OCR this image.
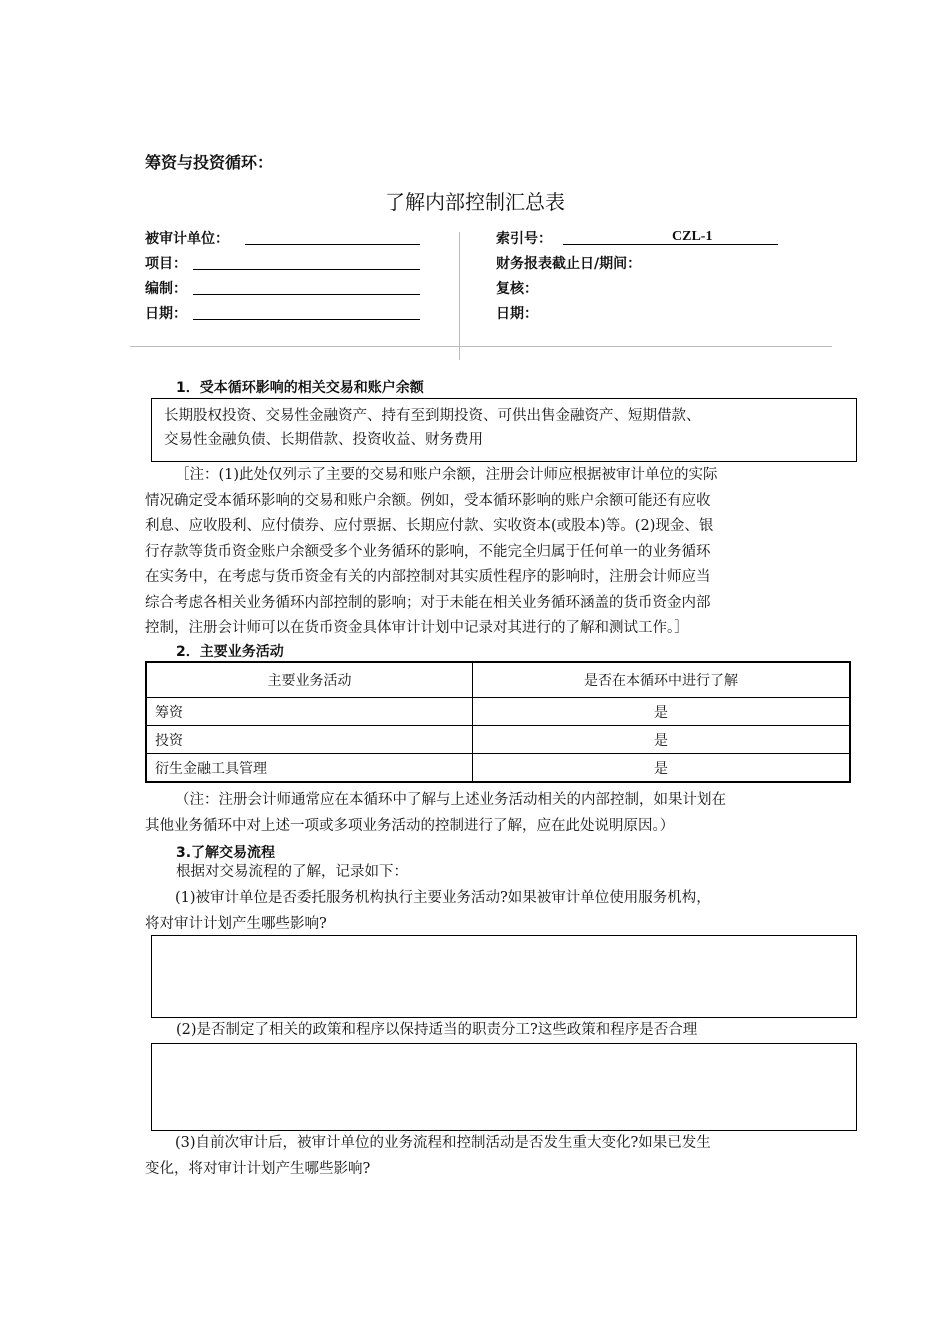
筹资与投资循环：
了解内部控制汇总表
被审计单位：
项目：
编制：
日期：
索引号：	CZL-1
财务报表截止日/期间：
复核：
日期：
1．受本循环影响的相关交易和账户余额

长期股权投资、交易性金融资产、持有至到期投资、可供出售金融资产、短期借款、

交易性金融负债、长期借款、投资收益、财务费用

［注：(1)此处仅列示了主要的交易和账户余额，注册会计师应根据被审计单位的实际

情况确定受本循环影响的交易和账户余额。例如，受本循环影响的账户余额可能还有应收

利息、应收股利、应付债券、应付票据、长期应付款、实收资本(或股本)等。(2)现金、银

行存款等货币资金账户余额受多个业务循环的影响，不能完全归属于任何单一的业务循环

在实务中，在考虑与货币资金有关的内部控制对其实质性程序的影响时，注册会计师应当

综合考虑各相关业务循环内部控制的影响；对于未能在相关业务循环涵盖的货币资金内部

控制，注册会计师可以在货币资金具体审计计划中记录对其进行的了解和测试工作。］

2．主要业务活动
主要业务活动	是否在本循环中进行了解
筹资	是
投资	是
衍生金融工具管理	是

（注：注册会计师通常应在本循环中了解与上述业务活动相关的内部控制，如果计划在

其他业务循环中对上述一项或多项业务活动的控制进行了解，应在此处说明原因。）

3.了解交易流程
根据对交易流程的了解，记录如下：

(1)被审计单位是否委托服务机构执行主要业务活动?如果被审计单位使用服务机构，

将对审计计划产生哪些影响?

(2)是否制定了相关的政策和程序以保持适当的职责分工?这些政策和程序是否合理

(3)自前次审计后，被审计单位的业务流程和控制活动是否发生重大变化?如果已发生

变化，将对审计计划产生哪些影响?
